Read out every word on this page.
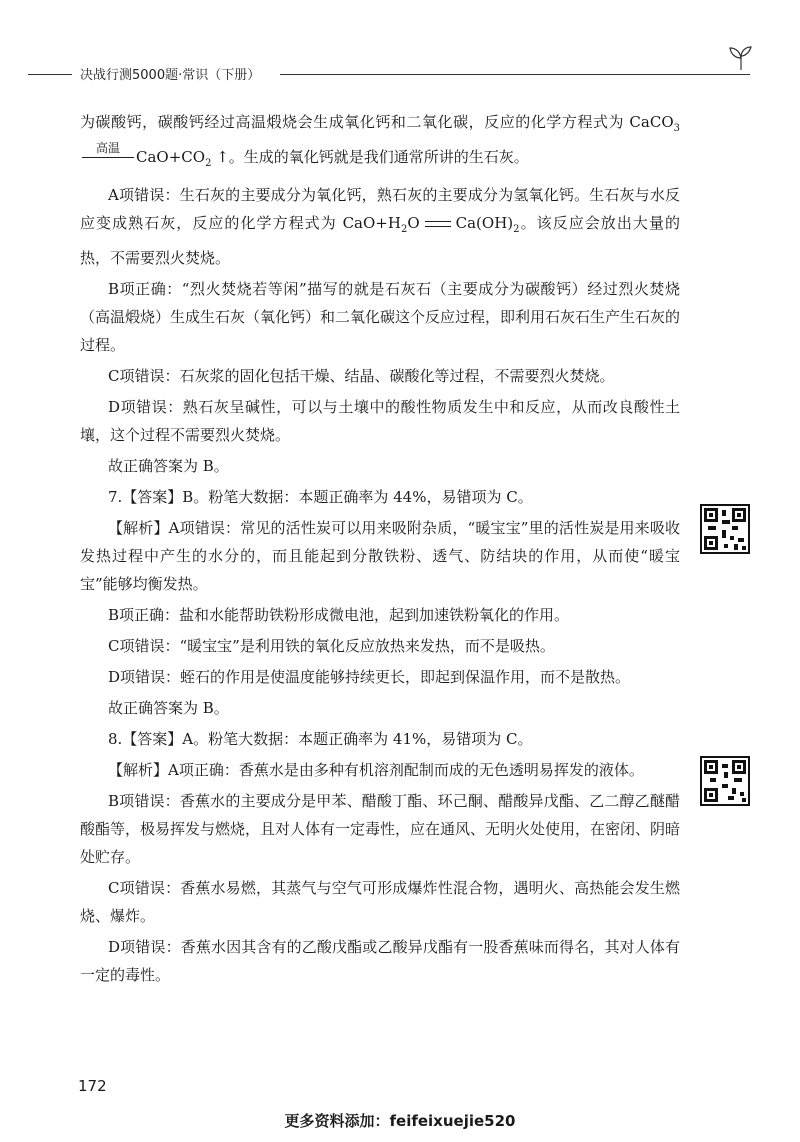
决战行测5000题·常识（下册）

为碳酸钙，碳酸钙经过高温煅烧会生成氧化钙和二氧化碳，反应的化学方程式为 CaCO$_3$
高温	$CaO+CO_2$ ↑。生成的氧化钙就是我们通常所讲的生石灰。

A项错误：生石灰的主要成分为氧化钙，熟石灰的主要成分为氢氧化钙。生石灰与水反应变成熟石灰，反应的化学方程式为 $CaO+H_2O$ $Ca(OH)_2$。该反应会放出大量的热，不需要烈火焚烧。

B项正确：“烈火焚烧若等闲”描写的就是石灰石（主要成分为碳酸钙）经过烈火焚烧（高温煅烧）生成生石灰（氧化钙）和二氧化碳这个反应过程，即利用石灰石生产生石灰的过程。

C项错误：石灰浆的固化包括干燥、结晶、碳酸化等过程，不需要烈火焚烧。

D项错误：熟石灰呈碱性，可以与土壤中的酸性物质发生中和反应，从而改良酸性土壤，这个过程不需要烈火焚烧。

故正确答案为 B。

7.【答案】B。粉笔大数据：本题正确率为 44%，易错项为 C。

【解析】A项错误：常见的活性炭可以用来吸附杂质，“暖宝宝”里的活性炭是用来吸收发热过程中产生的水分的，而且能起到分散铁粉、透气、防结块的作用，从而使“暖宝宝”能够均衡发热。

B项正确：盐和水能帮助铁粉形成微电池，起到加速铁粉氧化的作用。

C项错误：“暖宝宝”是利用铁的氧化反应放热来发热，而不是吸热。

D项错误：蛭石的作用是使温度能够持续更长，即起到保温作用，而不是散热。

故正确答案为 B。

8.【答案】A。粉笔大数据：本题正确率为 41%，易错项为 C。

【解析】A项正确：香蕉水是由多种有机溶剂配制而成的无色透明易挥发的液体。

B项错误：香蕉水的主要成分是甲苯、醋酸丁酯、环己酮、醋酸异戊酯、乙二醇乙醚醋酸酯等，极易挥发与燃烧，且对人体有一定毒性，应在通风、无明火处使用，在密闭、阴暗处贮存。

C项错误：香蕉水易燃，其蒸气与空气可形成爆炸性混合物，遇明火、高热能会发生燃烧、爆炸。

D项错误：香蕉水因其含有的乙酸戊酯或乙酸异戊酯有一股香蕉味而得名，其对人体有一定的毒性。

172
更多资料添加：feifeixuejie520
